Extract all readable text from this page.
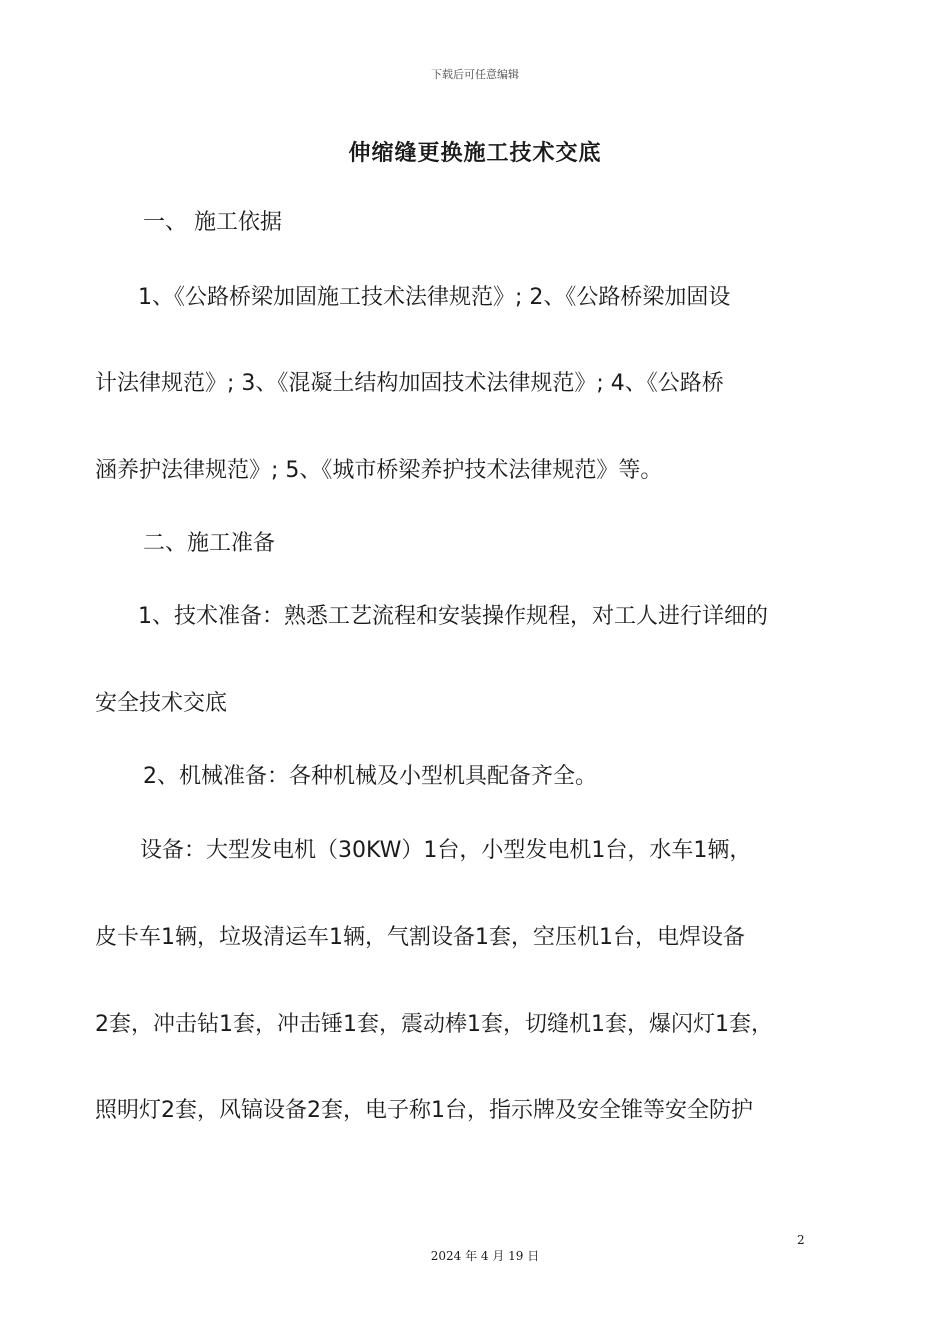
下载后可任意编辑
伸缩缝更换施工技术交底
一、 施工依据
1、《公路桥梁加固施工技术法律规范》; 2、《公路桥梁加固设
计法律规范》; 3、《混凝土结构加固技术法律规范》; 4、《公路桥
涵养护法律规范》; 5、《城市桥梁养护技术法律规范》等。
二、施工准备
1、技术准备：熟悉工艺流程和安装操作规程，对工人进行详细的
安全技术交底
2、机械准备：各种机械及小型机具配备齐全。
设备：大型发电机（30KW）1台，小型发电机1台，水车1辆，
皮卡车1辆，垃圾清运车1辆，气割设备1套，空压机1台，电焊设备
2套，冲击钻1套，冲击锤1套，震动棒1套，切缝机1套，爆闪灯1套，
照明灯2套，风镐设备2套，电子称1台，指示牌及安全锥等安全防护
2
2024 年 4 月 19 日
